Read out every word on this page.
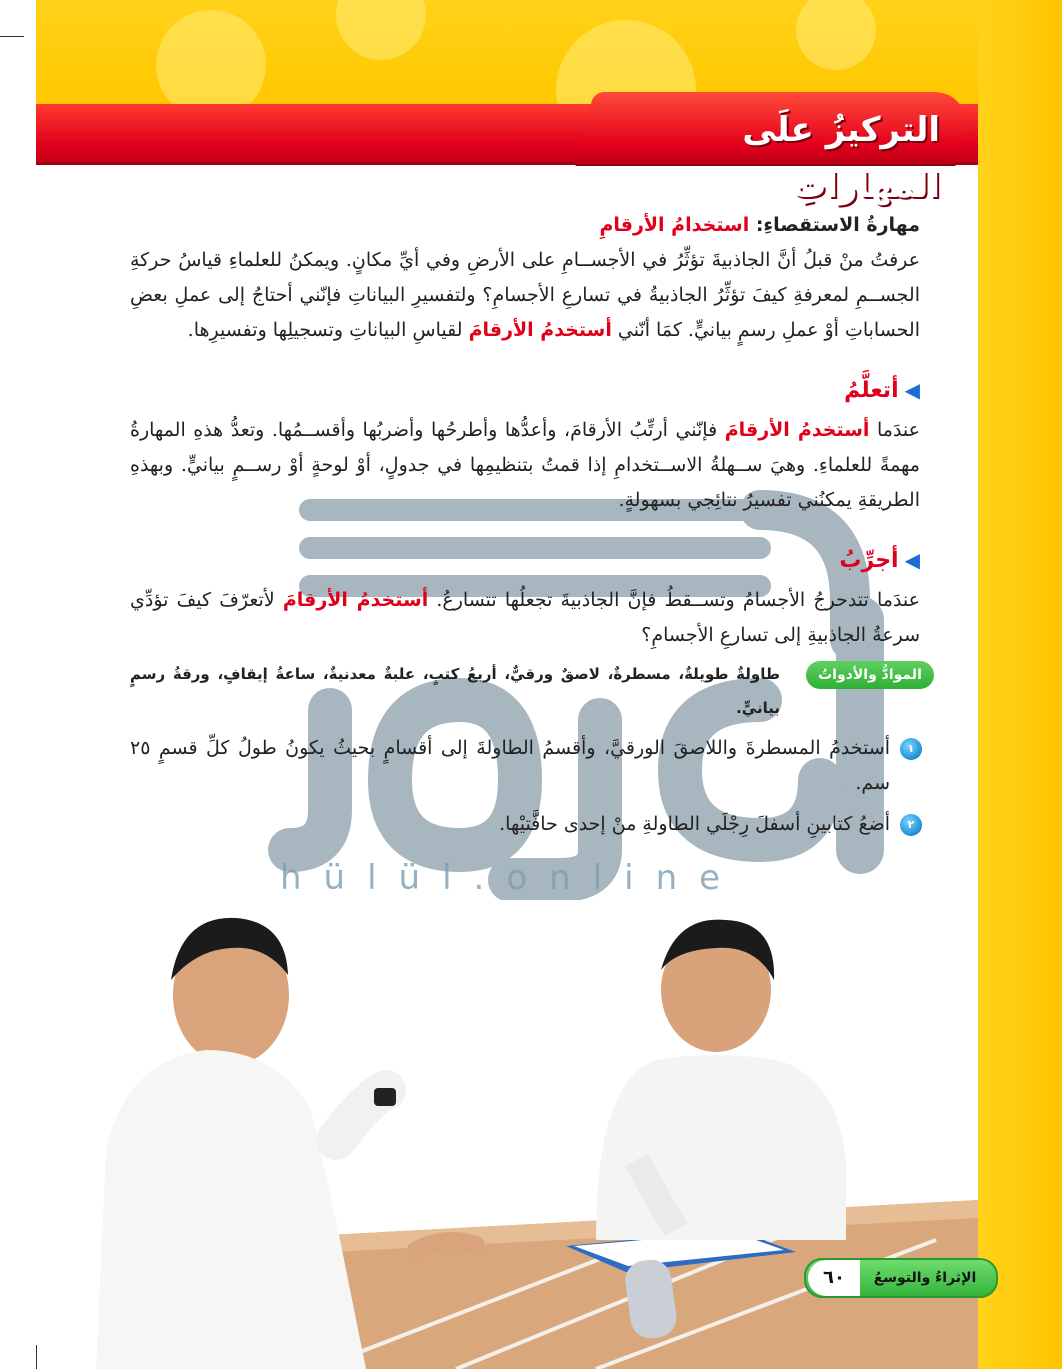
التركيزُ علَى المهاراتِ
hülül.online

مهارةُ الاستقصاءِ: استخدامُ الأرقامِ

عرفتُ منْ قبلُ أنَّ الجاذبيةَ تؤثِّرُ في الأجســامِ على الأرضِ وفي أيِّ مكانٍ. ويمكنُ للعلماءِ قياسُ حركةِ الجســمِ لمعرفةِ كيفَ تؤثِّرُ الجاذبيةُ في تسارعِ الأجسامِ؟ ولتفسيرِ البياناتِ فإنّني أحتاجُ إلى عملِ بعضِ الحساباتِ أوْ عملِ رسمٍ بيانيٍّ. كمَا أنّني أستخدمُ الأرقامَ لقياسِ البياناتِ وتسجيلِها وتفسيرِها.

◀أتعلَّمُ

عندَما أستخدمُ الأرقامَ فإنّني أرتِّبُ الأرقامَ، وأعدُّها وأطرحُها وأضربُها وأقســمُها. وتعدُّ هذهِ المهارةُ مهمةً للعلماءِ. وهيَ ســهلةُ الاســتخدامِ إذا قمتُ بتنظيمِها في جدولٍ، أوْ لوحةٍ أوْ رســمٍ بيانيٍّ. وبهذهِ الطريقةِ يمكنُني تفسيرُ نتائِجي بسهولةٍ.

◀أجرِّبُ

عندَما تتدحرجُ الأجسامُ وتســقطُ فإنَّ الجاذبيةَ تجعلُها تتسارعُ. أستخدمُ الأرقامَ لأتعرّفَ كيفَ تؤدِّي سرعةُ الجاذبيةِ إلى تسارعِ الأجسامِ؟

الموادُّ والأدواتُ
طاولةٌ طويلةٌ، مسطرةٌ، لاصقٌ ورقيٌّ، أربعُ كتبٍ، علبةٌ معدنيةٌ، ساعةُ إيقافٍ، ورقةُ رسمٍ بيانيٍّ.
١
أستخدمُ المسطرةَ واللاصقَ الورقيَّ، وأقسمُ الطاولةَ إلى أقسامٍ بحيثُ يكونُ طولُ كلِّ قسمٍ ٢٥ سم.
٢
أضعُ كتابينِ أسفلَ رِجْلَي الطاولةِ منْ إحدى حافَّتيْها.
٦٠	الإثراءُ والتوسعُ
